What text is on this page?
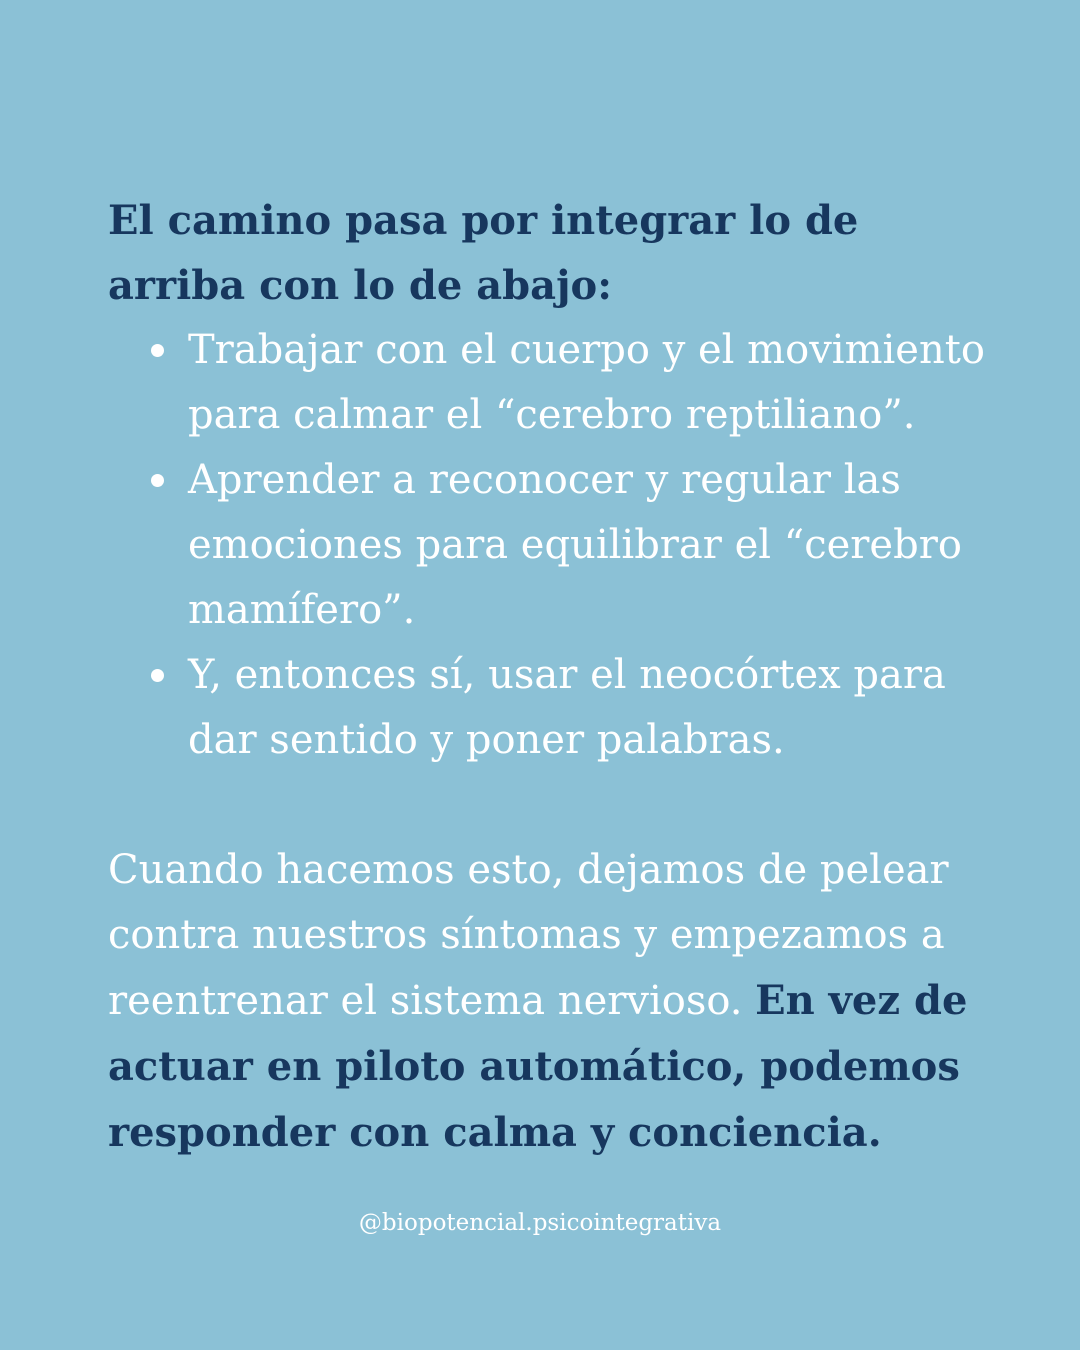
El camino pasa por integrar lo de arriba con lo de abajo:

Trabajar con el cuerpo y el movimiento para calmar el “cerebro reptiliano”.
Aprender a reconocer y regular las emociones para equilibrar el “cerebro mamífero”.
Y, entonces sí, usar el neocórtex para dar sentido y poner palabras.

Cuando hacemos esto, dejamos de pelear contra nuestros síntomas y empezamos a reentrenar el sistema nervioso. En vez de actuar en piloto automático, podemos responder con calma y conciencia.

@biopotencial.psicointegrativa
